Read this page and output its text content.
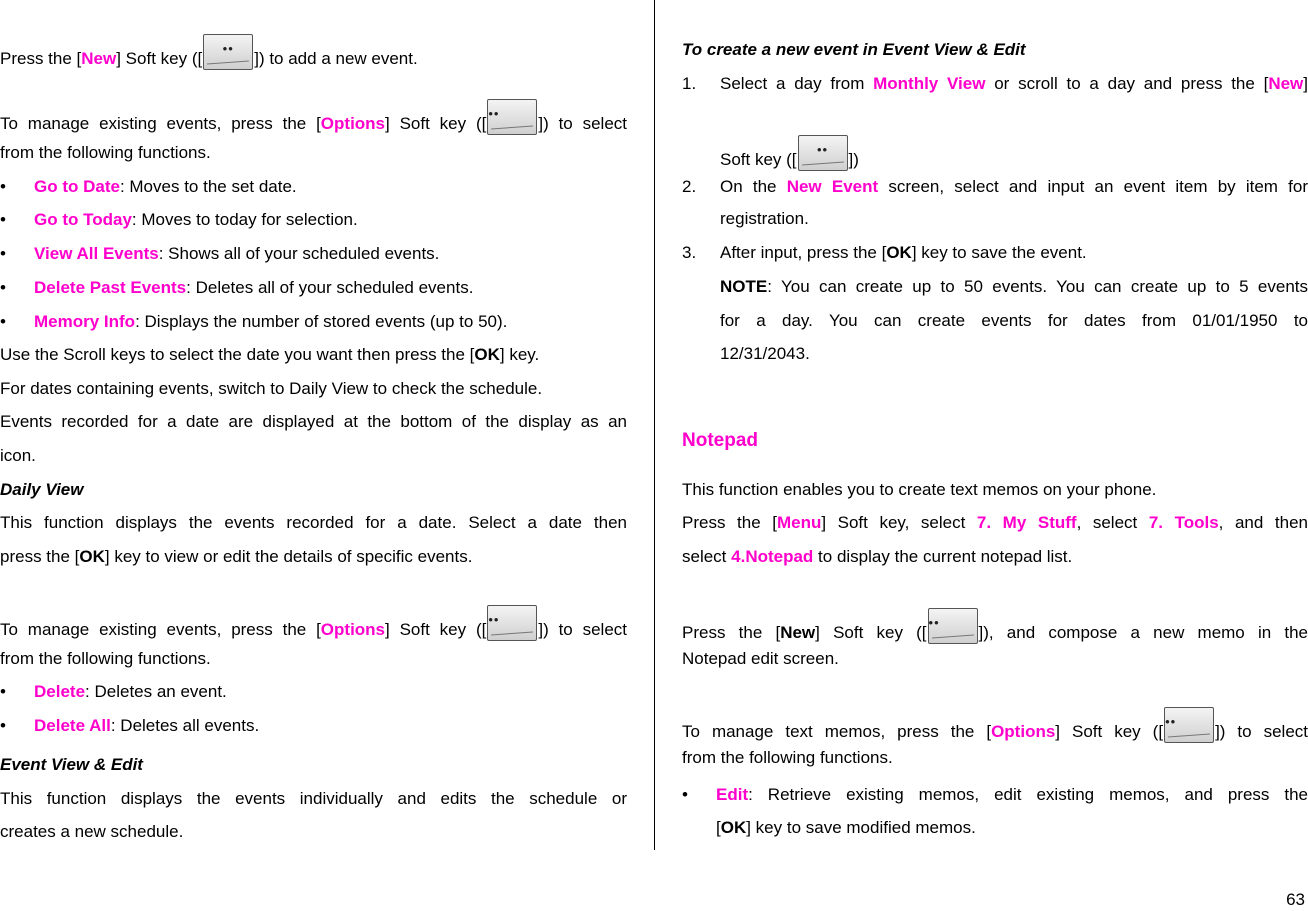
Press the [New] Soft key ([ ••	]) to add a new event.
To manage existing events, press the [Options] Soft key ([ ••	]) to select
from the following functions.
• Go to Date: Moves to the set date.
• Go to Today: Moves to today for selection.
• View All Events: Shows all of your scheduled events.
• Delete Past Events: Deletes all of your scheduled events.
• Memory Info: Displays the number of stored events (up to 50).
Use the Scroll keys to select the date you want then press the [OK] key.
For dates containing events, switch to Daily View to check the schedule.
Events recorded for a date are displayed at the bottom of the display as an
icon.
Daily View
This function displays the events recorded for a date. Select a date then
press the [OK] key to view or edit the details of specific events.
To manage existing events, press the [Options] Soft key ([ ••	]) to select
from the following functions.
• Delete: Deletes an event.
• Delete All: Deletes all events.
Event View & Edit
This function displays the events individually and edits the schedule or
creates a new schedule.
To create a new event in Event View & Edit
1. Select a day from Monthly View or scroll to a day and press the [New]
Soft key ([ ••	])
2. On the New Event screen, select and input an event item by item for
registration.
3. After input, press the [OK] key to save the event.
NOTE: You can create up to 50 events. You can create up to 5 events
for a day. You can create events for dates from 01/01/1950 to
12/31/2043.
Notepad
This function enables you to create text memos on your phone.
Press the [Menu] Soft key, select 7. My Stuff, select 7. Tools, and then
select 4.Notepad to display the current notepad list.
Press the [New] Soft key ([ ••	]), and compose a new memo in the
Notepad edit screen.
To manage text memos, press the [Options] Soft key ([ ••	]) to select
from the following functions.
• Edit: Retrieve existing memos, edit existing memos, and press the
[OK] key to save modified memos.
63
